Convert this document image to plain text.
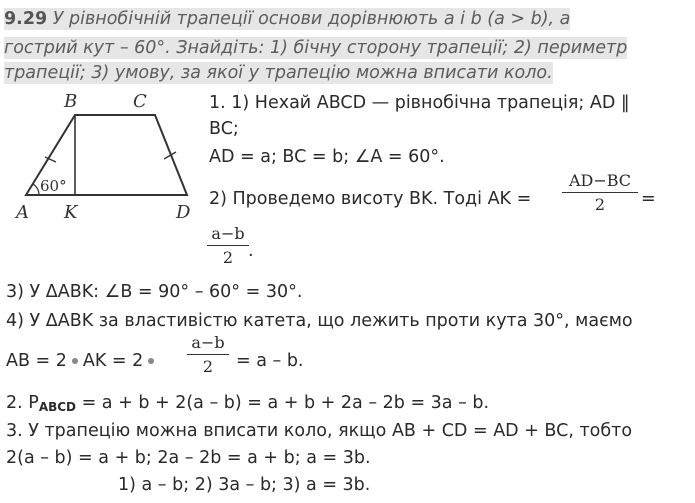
9.29 У рівнобічній трапеції основи дорівнюють a і b (a > b), а
гострий кут – 60°. Знайдіть: 1) бічну сторону трапеції; 2) периметр
трапеції; 3) умову, за якої у трапецію можна вписати коло.
60°
B	C
A K	D
1. 1) Нехай ABCD — рівнобічна трапеція; AD ‖
BC;
AD = a; BC = b; ∠A = 60°.
2) Проведемо висоту BK. Тоді AK =
AD−BC
2	=
a−b
2 .
3) У ΔABK: ∠B = 90° – 60° = 30°.
4) У ΔABK за властивістю катета, що лежить проти кута 30°, маємо
AB = 2 AK = 2
a−b
2	= a – b.
2. $P_{ABCD} = a + b + 2(a - b) = a + b + 2a - 2b = 3a - b$.
3. У трапецію можна вписати коло, якщо AB + CD = AD + BC, тобто
2(a – b) = a + b; 2a – 2b = a + b; a = 3b.
1) a – b; 2) 3a – b; 3) a = 3b.
